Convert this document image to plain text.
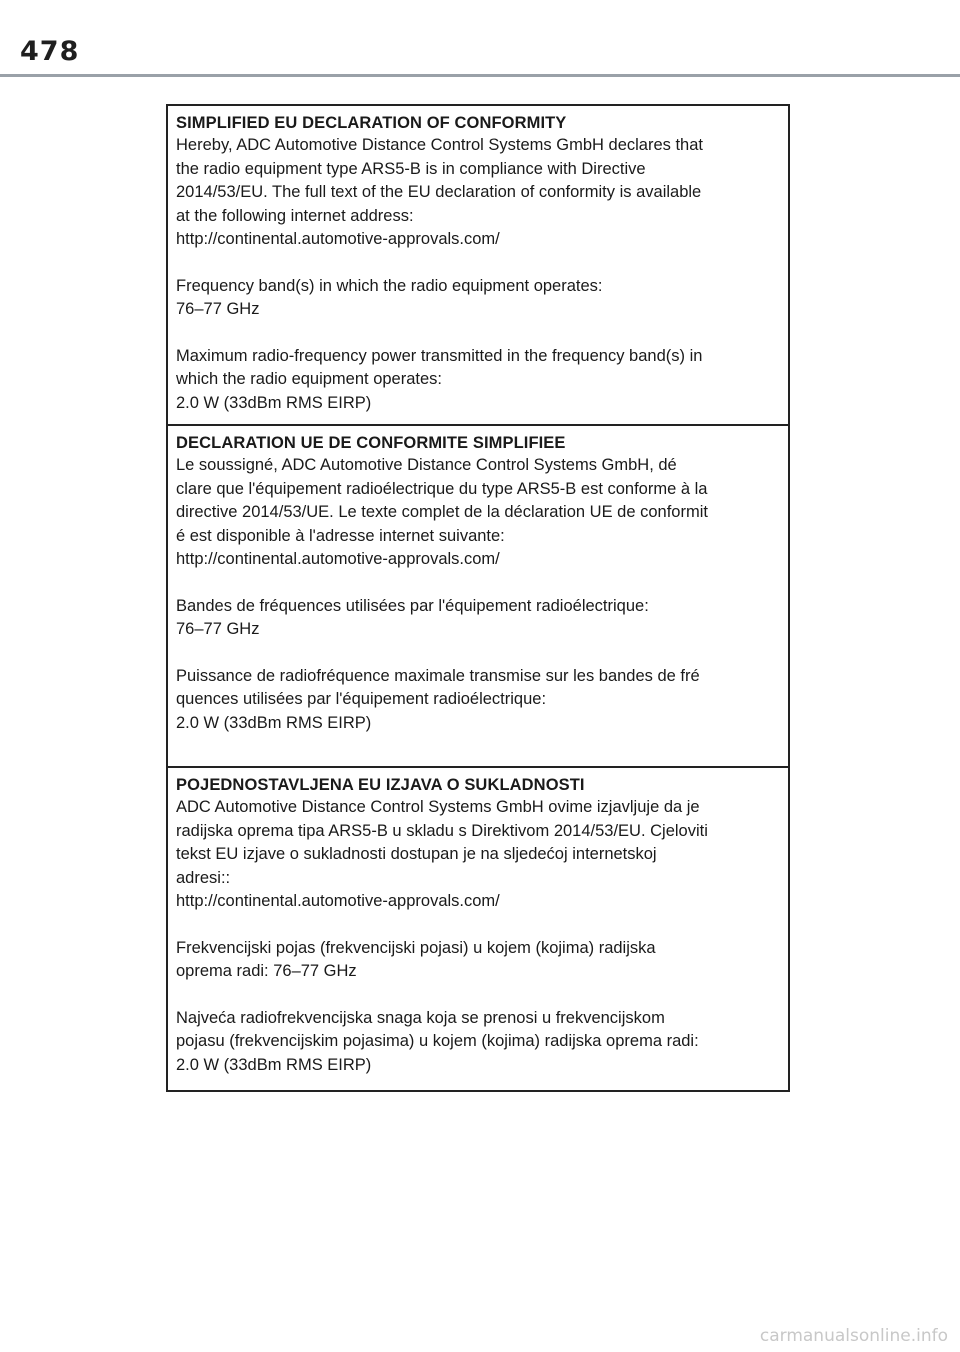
478
SIMPLIFIED EU DECLARATION OF CONFORMITY
Hereby, ADC Automotive Distance Control Systems GmbH declares that
the radio equipment type ARS5-B is in compliance with Directive
2014/53/EU. The full text of the EU declaration of conformity is available
at the following internet address:
http://continental.automotive-approvals.com/
Frequency band(s) in which the radio equipment operates:
76–77 GHz
Maximum radio-frequency power transmitted in the frequency band(s) in
which the radio equipment operates:
2.0 W (33dBm RMS EIRP)
DECLARATION UE DE CONFORMITE SIMPLIFIEE
Le soussigné, ADC Automotive Distance Control Systems GmbH, dé
clare que l'équipement radioélectrique du type ARS5-B est conforme à la
directive 2014/53/UE. Le texte complet de la déclaration UE de conformit
é est disponible à l'adresse internet suivante:
http://continental.automotive-approvals.com/
Bandes de fréquences utilisées par l'équipement radioélectrique:
76–77 GHz
Puissance de radiofréquence maximale transmise sur les bandes de fré
quences utilisées par l'équipement radioélectrique:
2.0 W (33dBm RMS EIRP)
POJEDNOSTAVLJENA EU IZJAVA O SUKLADNOSTI
ADC Automotive Distance Control Systems GmbH ovime izjavljuje da je
radijska oprema tipa ARS5-B u skladu s Direktivom 2014/53/EU. Cjeloviti
tekst EU izjave o sukladnosti dostupan je na sljedećoj internetskoj
adresi::
http://continental.automotive-approvals.com/
Frekvencijski pojas (frekvencijski pojasi) u kojem (kojima) radijska
oprema radi: 76–77 GHz
Najveća radiofrekvencijska snaga koja se prenosi u frekvencijskom
pojasu (frekvencijskim pojasima) u kojem (kojima) radijska oprema radi:
2.0 W (33dBm RMS EIRP)
carmanualsonline.info
